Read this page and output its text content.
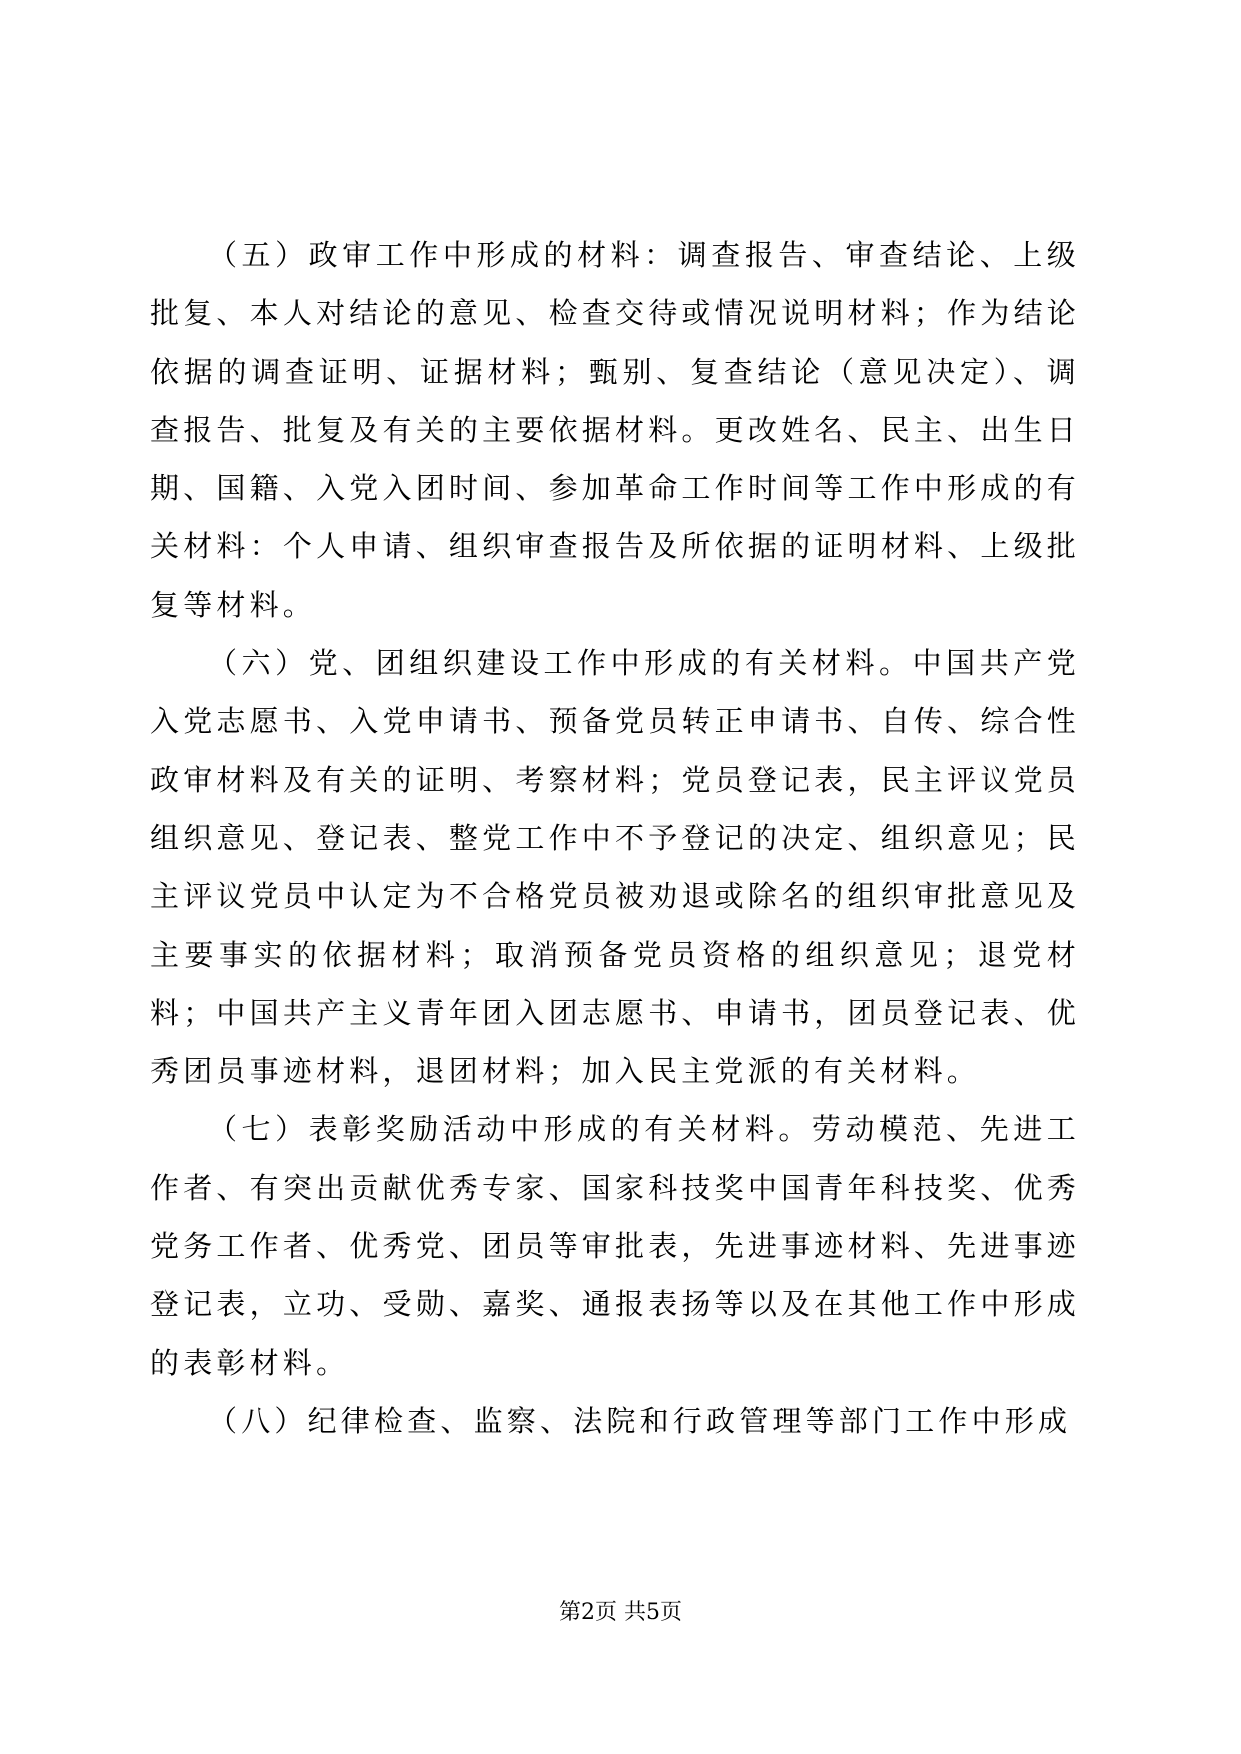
（五）政审工作中形成的材料：调查报告、审查结论、上级批复、本人对结论的意见、检查交待或情况说明材料；作为结论依据的调查证明、证据材料；甄别、复查结论（意见决定）、调查报告、批复及有关的主要依据材料。更改姓名、民主、出生日期、国籍、入党入团时间、参加革命工作时间等工作中形成的有关材料：个人申请、组织审查报告及所依据的证明材料、上级批复等材料。

（六）党、团组织建设工作中形成的有关材料。中国共产党入党志愿书、入党申请书、预备党员转正申请书、自传、综合性政审材料及有关的证明、考察材料；党员登记表，民主评议党员组织意见、登记表、整党工作中不予登记的决定、组织意见；民主评议党员中认定为不合格党员被劝退或除名的组织审批意见及主要事实的依据材料；取消预备党员资格的组织意见；退党材料；中国共产主义青年团入团志愿书、申请书，团员登记表、优秀团员事迹材料，退团材料；加入民主党派的有关材料。

（七）表彰奖励活动中形成的有关材料。劳动模范、先进工作者、有突出贡献优秀专家、国家科技奖中国青年科技奖、优秀党务工作者、优秀党、团员等审批表，先进事迹材料、先进事迹登记表，立功、受勋、嘉奖、通报表扬等以及在其他工作中形成的表彰材料。

（八）纪律检查、监察、法院和行政管理等部门工作中形成

第2页 共5页
